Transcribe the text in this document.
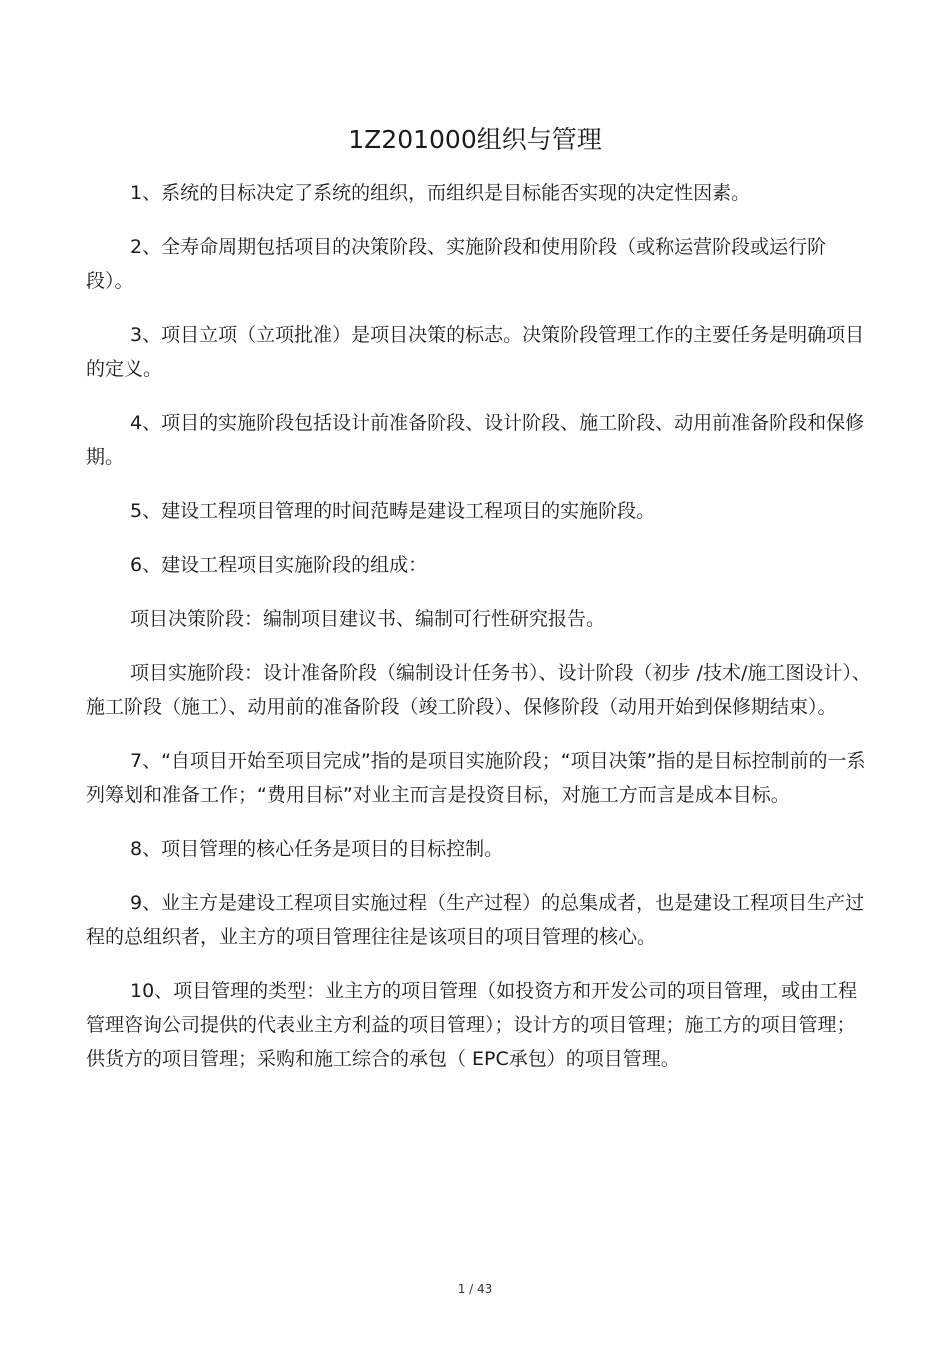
1Z201000组织与管理

1、系统的目标决定了系统的组织，而组织是目标能否实现的决定性因素。

2、全寿命周期包括项目的决策阶段、实施阶段和使用阶段（或称运营阶段或运行阶段）。

3、项目立项（立项批准）是项目决策的标志。决策阶段管理工作的主要任务是明确项目的定义。

4、项目的实施阶段包括设计前准备阶段、设计阶段、施工阶段、动用前准备阶段和保修期。

5、建设工程项目管理的时间范畴是建设工程项目的实施阶段。

6、建设工程项目实施阶段的组成：

项目决策阶段：编制项目建议书、编制可行性研究报告。

项目实施阶段：设计准备阶段（编制设计任务书）、设计阶段（初步 /技术/施工图设计）、施工阶段（施工）、动用前的准备阶段（竣工阶段）、保修阶段（动用开始到保修期结束）。

7、“自项目开始至项目完成”指的是项目实施阶段；“项目决策”指的是目标控制前的一系列筹划和准备工作；“费用目标”对业主而言是投资目标，对施工方而言是成本目标。

8、项目管理的核心任务是项目的目标控制。

9、业主方是建设工程项目实施过程（生产过程）的总集成者，也是建设工程项目生产过程的总组织者，业主方的项目管理往往是该项目的项目管理的核心。

10、项目管理的类型：业主方的项目管理（如投资方和开发公司的项目管理，或由工程管理咨询公司提供的代表业主方利益的项目管理）；设计方的项目管理；施工方的项目管理；供货方的项目管理；采购和施工综合的承包（ EPC承包）的项目管理。

1 / 43
